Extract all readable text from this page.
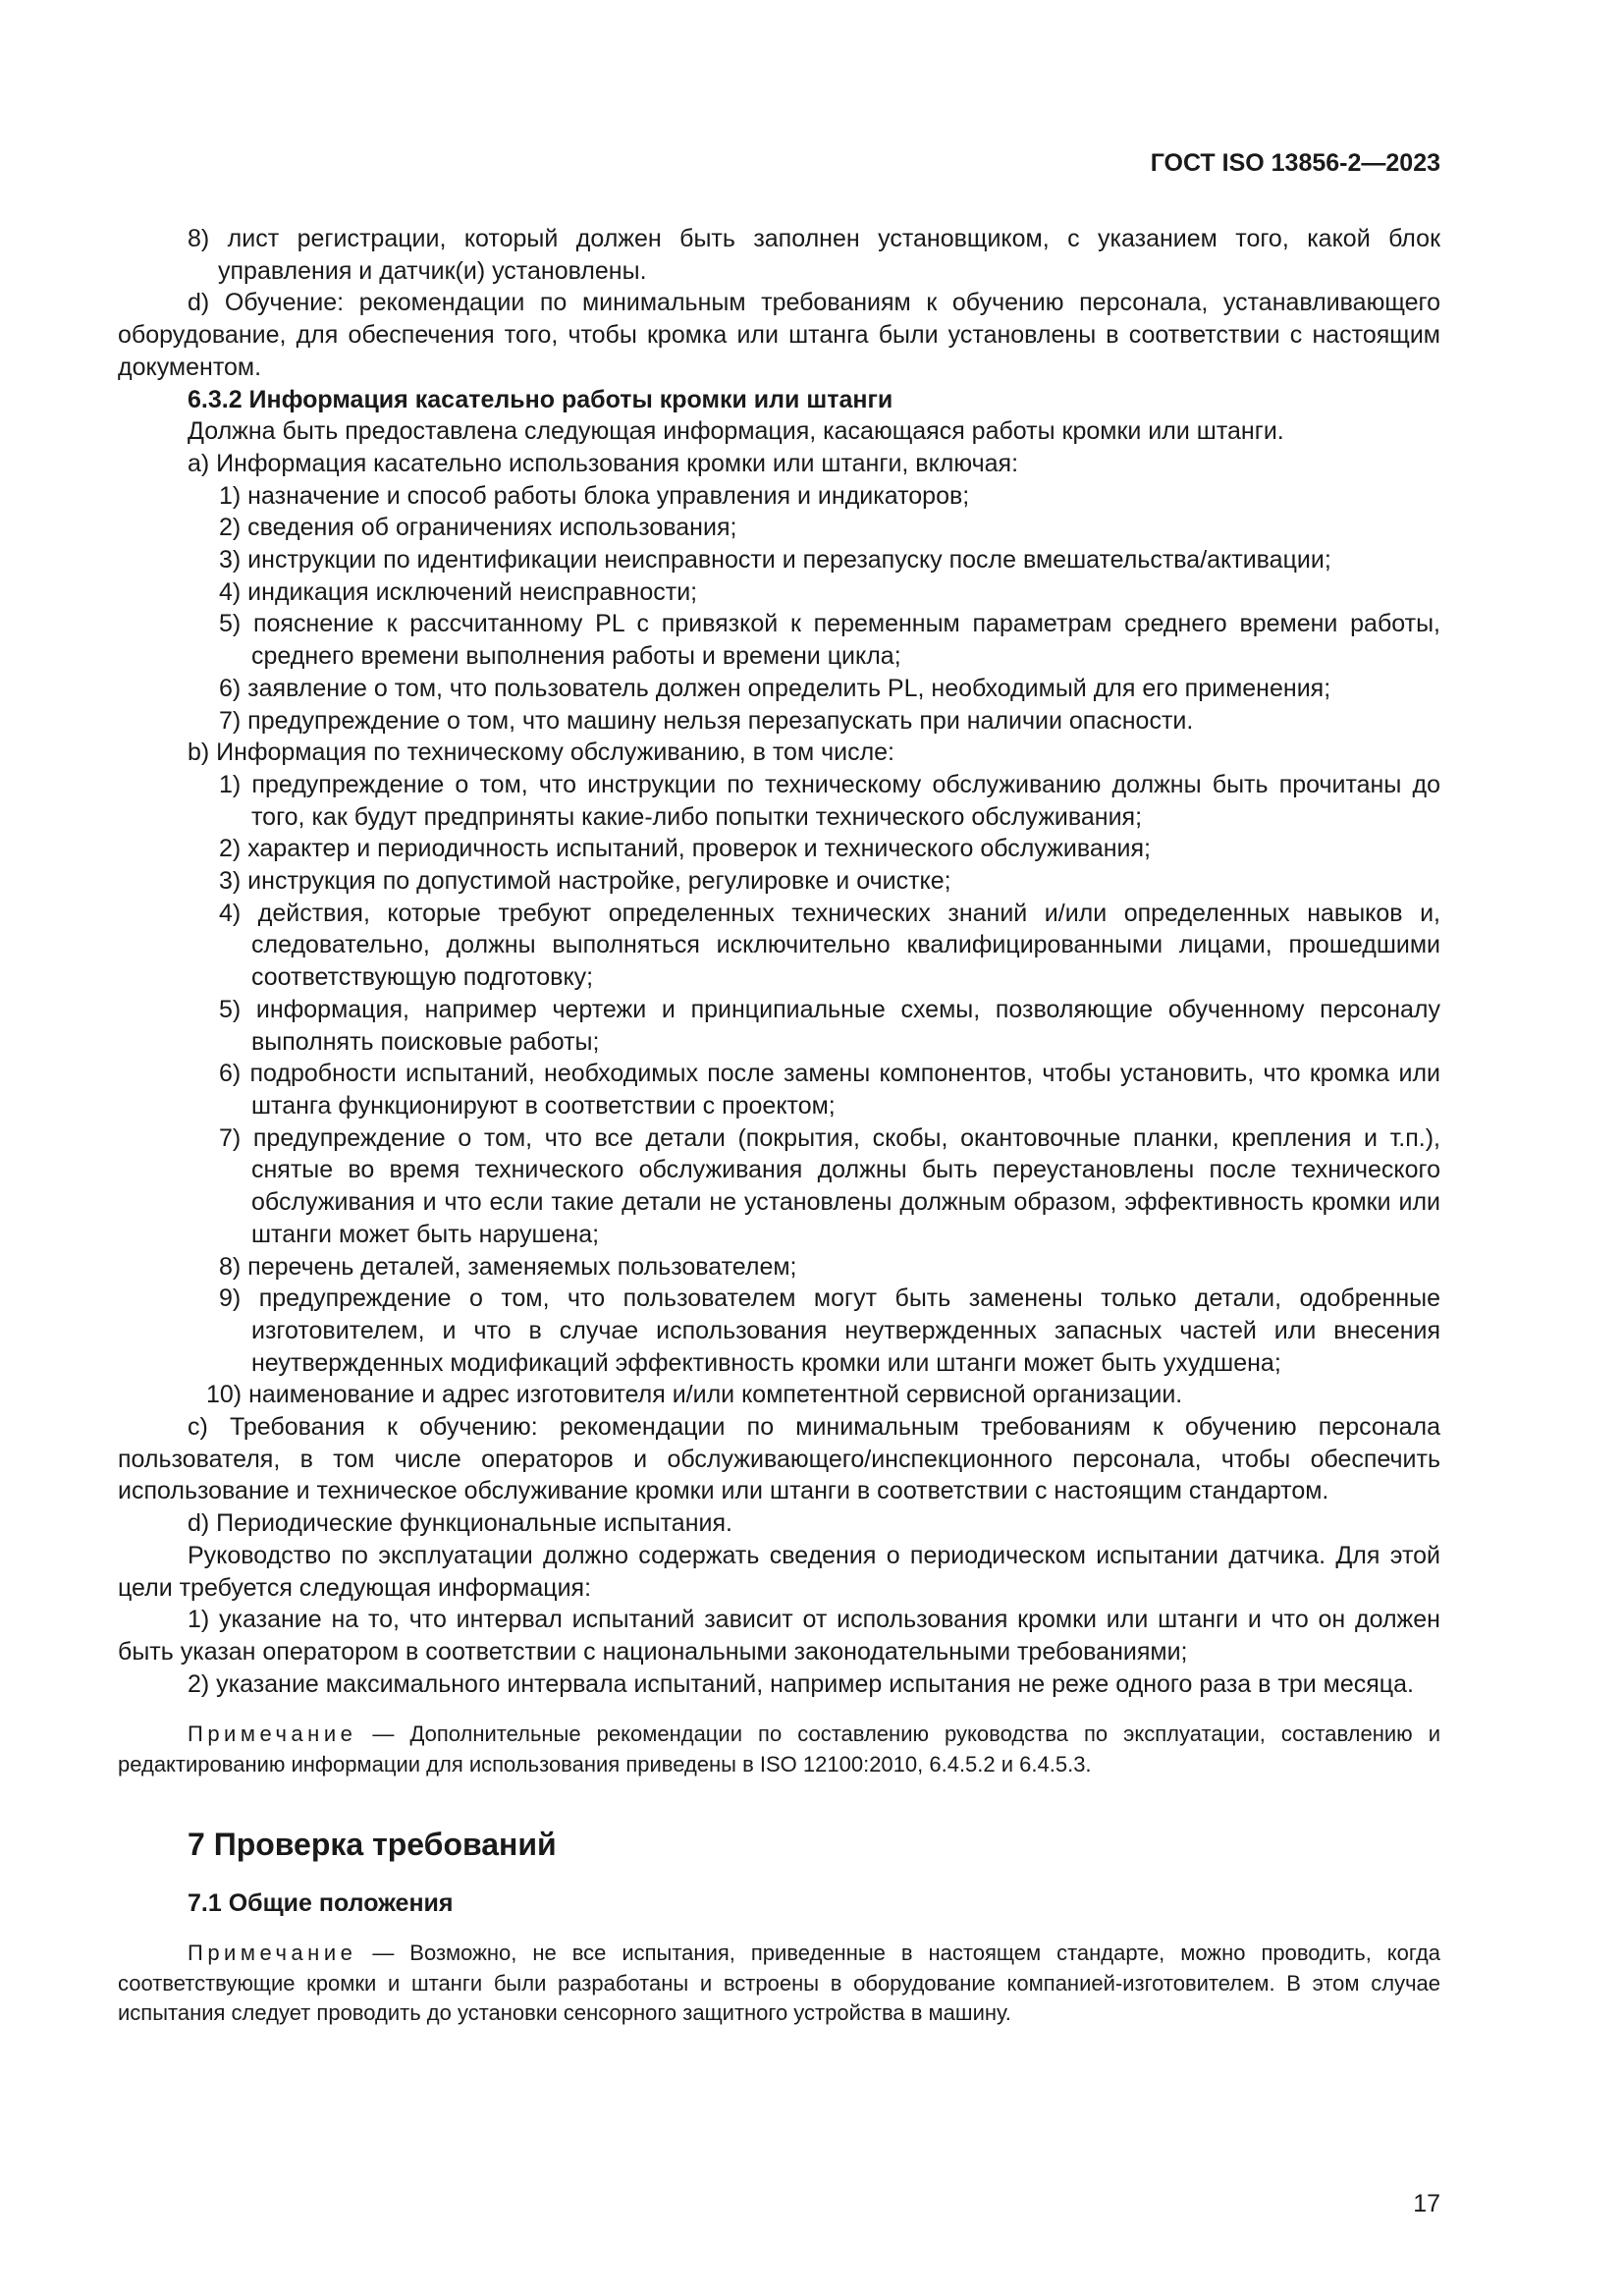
ГОСТ ISO 13856-2—2023

8) лист регистрации, который должен быть заполнен установщиком, с указанием того, какой блок управления и датчик(и) установлены.

d) Обучение: рекомендации по минимальным требованиям к обучению персонала, устанавливающего оборудование, для обеспечения того, чтобы кромка или штанга были установлены в соответствии с настоящим документом.

6.3.2 Информация касательно работы кромки или штанги

Должна быть предоставлена следующая информация, касающаяся работы кромки или штанги.

a) Информация касательно использования кромки или штанги, включая:

1) назначение и способ работы блока управления и индикаторов;

2) сведения об ограничениях использования;

3) инструкции по идентификации неисправности и перезапуску после вмешательства/активации;

4) индикация исключений неисправности;

5) пояснение к рассчитанному PL с привязкой к переменным параметрам среднего времени работы, среднего времени выполнения работы и времени цикла;

6) заявление о том, что пользователь должен определить PL, необходимый для его применения;

7) предупреждение о том, что машину нельзя перезапускать при наличии опасности.

b) Информация по техническому обслуживанию, в том числе:

1) предупреждение о том, что инструкции по техническому обслуживанию должны быть прочитаны до того, как будут предприняты какие-либо попытки технического обслуживания;

2) характер и периодичность испытаний, проверок и технического обслуживания;

3) инструкция по допустимой настройке, регулировке и очистке;

4) действия, которые требуют определенных технических знаний и/или определенных навыков и, следовательно, должны выполняться исключительно квалифицированными лицами, прошедшими соответствующую подготовку;

5) информация, например чертежи и принципиальные схемы, позволяющие обученному персоналу выполнять поисковые работы;

6) подробности испытаний, необходимых после замены компонентов, чтобы установить, что кромка или штанга функционируют в соответствии с проектом;

7) предупреждение о том, что все детали (покрытия, скобы, окантовочные планки, крепления и т.п.), снятые во время технического обслуживания должны быть переустановлены после технического обслуживания и что если такие детали не установлены должным образом, эффективность кромки или штанги может быть нарушена;

8) перечень деталей, заменяемых пользователем;

9) предупреждение о том, что пользователем могут быть заменены только детали, одобренные изготовителем, и что в случае использования неутвержденных запасных частей или внесения неутвержденных модификаций эффективность кромки или штанги может быть ухудшена;

10) наименование и адрес изготовителя и/или компетентной сервисной организации.

c) Требования к обучению: рекомендации по минимальным требованиям к обучению персонала пользователя, в том числе операторов и обслуживающего/инспекционного персонала, чтобы обеспечить использование и техническое обслуживание кромки или штанги в соответствии с настоящим стандартом.

d) Периодические функциональные испытания.

Руководство по эксплуатации должно содержать сведения о периодическом испытании датчика. Для этой цели требуется следующая информация:

1) указание на то, что интервал испытаний зависит от использования кромки или штанги и что он должен быть указан оператором в соответствии с национальными законодательными требованиями;

2) указание максимального интервала испытаний, например испытания не реже одного раза в три месяца.

Примечание — Дополнительные рекомендации по составлению руководства по эксплуатации, составлению и редактированию информации для использования приведены в ISO 12100:2010, 6.4.5.2 и 6.4.5.3.

7 Проверка требований

7.1 Общие положения

Примечание — Возможно, не все испытания, приведенные в настоящем стандарте, можно проводить, когда соответствующие кромки и штанги были разработаны и встроены в оборудование компанией-изготовителем. В этом случае испытания следует проводить до установки сенсорного защитного устройства в машину.

17
